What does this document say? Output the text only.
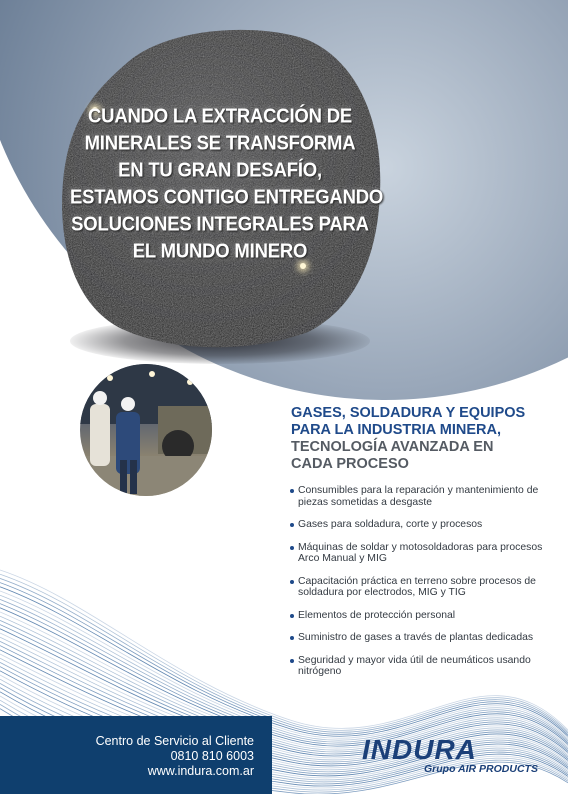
CUANDO LA EXTRACCIÓN DE
MINERALES SE TRANSFORMA
EN TU GRAN DESAFÍO,
ESTAMOS CONTIGO ENTREGANDO
SOLUCIONES INTEGRALES PARA
EL MUNDO MINERO
GASES, SOLDADURA Y EQUIPOS
PARA LA INDUSTRIA MINERA,
TECNOLOGÍA AVANZADA EN
CADA PROCESO
Consumibles para la reparación y mantenimiento de piezas sometidas a desgaste
Gases para soldadura, corte y procesos
Máquinas de soldar y motosoldadoras para procesos Arco Manual y MIG
Capacitación práctica en terreno sobre procesos de soldadura por electrodos, MIG y TIG
Elementos de protección personal
Suministro de gases a través de plantas dedicadas
Seguridad y mayor vida útil de neumáticos usando nitrógeno
Centro de Servicio al Cliente
0810 810 6003
www.indura.com.ar
INDURA
Grupo AIR PRODUCTS
